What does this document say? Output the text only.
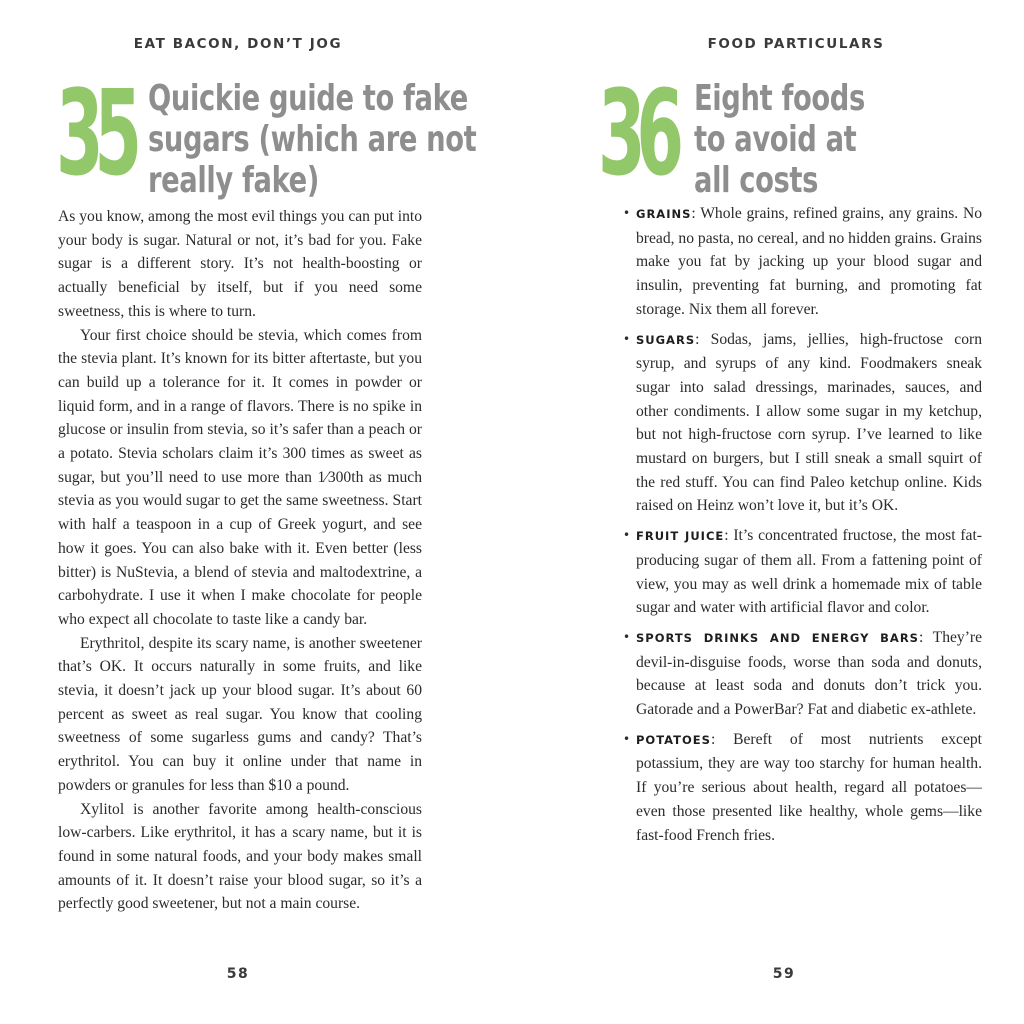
EAT BACON, DON’T JOG
35 Quickie guide to fake
sugars (which are not
really fake)

As you know, among the most evil things you can put into your body is sugar. Natural or not, it’s bad for you. Fake sugar is a different story. It’s not health-boosting or actually beneficial by itself, but if you need some sweetness, this is where to turn.

Your first choice should be stevia, which comes from the stevia plant. It’s known for its bitter aftertaste, but you can build up a tolerance for it. It comes in powder or liquid form, and in a range of flavors. There is no spike in glucose or insulin from stevia, so it’s safer than a peach or a potato. Stevia scholars claim it’s 300 times as sweet as sugar, but you’ll need to use more than 1⁄300th as much stevia as you would sugar to get the same sweetness. Start with half a teaspoon in a cup of Greek yogurt, and see how it goes. You can also bake with it. Even better (less bitter) is NuStevia, a blend of stevia and maltodextrine, a carbohydrate. I use it when I make chocolate for people who expect all chocolate to taste like a candy bar.

Erythritol, despite its scary name, is another sweetener that’s OK. It occurs naturally in some fruits, and like stevia, it doesn’t jack up your blood sugar. It’s about 60 percent as sweet as real sugar. You know that cooling sweetness of some sugarless gums and candy? That’s erythritol. You can buy it online under that name in powders or granules for less than $10 a pound.

Xylitol is another favorite among health-conscious low-carbers. Like erythritol, it has a scary name, but it is found in some natural foods, and your body makes small amounts of it. It doesn’t raise your blood sugar, so it’s a perfectly good sweetener, but not a main course.

58
FOOD PARTICULARS
36 Eight foods
to avoid at
all costs
• GRAINS: Whole grains, refined grains, any grains. No bread, no pasta, no cereal, and no hidden grains. Grains make you fat by jacking up your blood sugar and insulin, preventing fat burning, and promoting fat storage. Nix them all forever.
• SUGARS: Sodas, jams, jellies, high-fructose corn syrup, and syrups of any kind. Foodmakers sneak sugar into salad dressings, marinades, sauces, and other condiments. I allow some sugar in my ketchup, but not high-fructose corn syrup. I’ve learned to like mustard on burgers, but I still sneak a small squirt of the red stuff. You can find Paleo ketchup online. Kids raised on Heinz won’t love it, but it’s OK.
• FRUIT JUICE: It’s concentrated fructose, the most fat-producing sugar of them all. From a fattening point of view, you may as well drink a homemade mix of table sugar and water with artificial flavor and color.
• SPORTS DRINKS AND ENERGY BARS: They’re devil-in-disguise foods, worse than soda and donuts, because at least soda and donuts don’t trick you. Gatorade and a PowerBar? Fat and diabetic ex-athlete.
• POTATOES: Bereft of most nutrients except potassium, they are way too starchy for human health. If you’re serious about health, regard all potatoes—even those presented like healthy, whole gems—like fast-food French fries.
59
